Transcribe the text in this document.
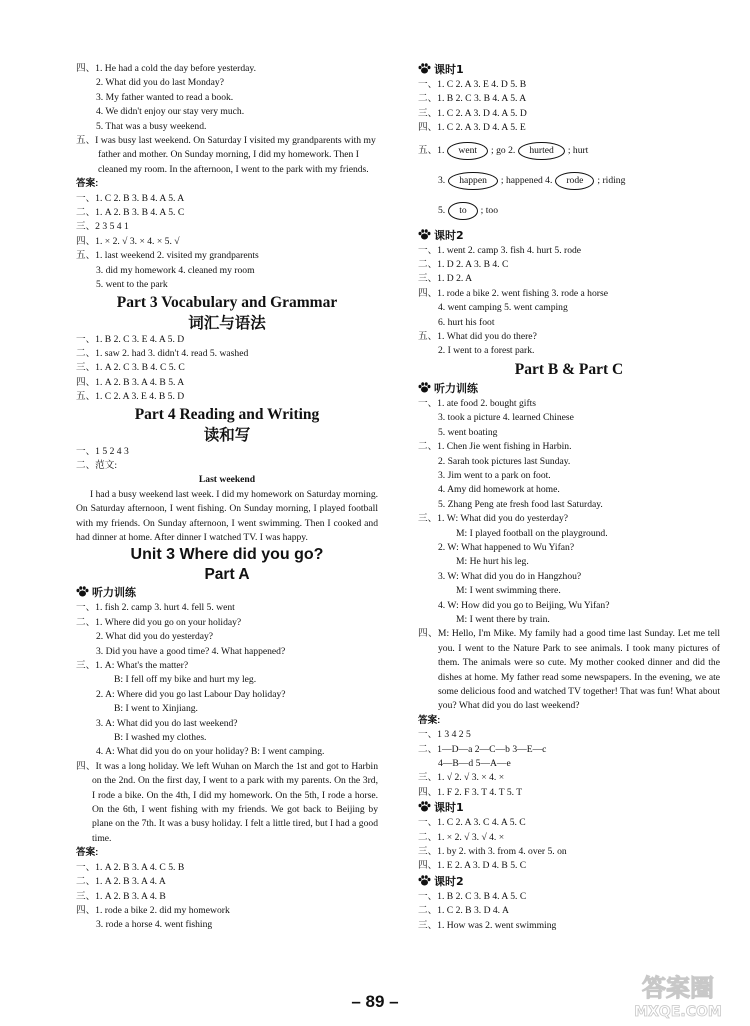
四、1. He had a cold the day before yesterday.
2. What did you do last Monday?
3. My father wanted to read a book.
4. We didn't enjoy our stay very much.
5. That was a busy weekend.
五、I was busy last weekend. On Saturday I visited my grandparents with my father and mother. On Sunday morning, I did my homework. Then I cleaned my room. In the afternoon, I went to the park with my friends.
答案:
一、1. C 2. B 3. B 4. A 5. A
二、1. A 2. B 3. B 4. A 5. C
三、2 3 5 4 1
四、1. × 2. √ 3. × 4. × 5. √
五、1. last weekend 2. visited my grandparents
3. did my homework 4. cleaned my room
5. went to the park
Part 3 Vocabulary and Grammar
词汇与语法
一、1. B 2. C 3. E 4. A 5. D
二、1. saw 2. had 3. didn't 4. read 5. washed
三、1. A 2. C 3. B 4. C 5. C
四、1. A 2. B 3. A 4. B 5. A
五、1. C 2. A 3. E 4. B 5. D
Part 4 Reading and Writing
读和写
一、1 5 2 4 3
二、范文:
Last weekend
I had a busy weekend last week. I did my homework on Saturday morning. On Saturday afternoon, I went fishing. On Sunday morning, I played football with my friends. On Sunday afternoon, I went swimming. Then I cooked and had dinner at home. After dinner I watched TV. I was happy.
Unit 3 Where did you go?
Part A
听力训练
一、1. fish 2. camp 3. hurt 4. fell 5. went
二、1. Where did you go on your holiday?
2. What did you do yesterday?
3. Did you have a good time? 4. What happened?
三、1. A: What's the matter?
B: I fell off my bike and hurt my leg.
2. A: Where did you go last Labour Day holiday?
B: I went to Xinjiang.
3. A: What did you do last weekend?
B: I washed my clothes.
4. A: What did you do on your holiday? B: I went camping.
四、It was a long holiday. We left Wuhan on March the 1st and got to Harbin on the 2nd. On the first day, I went to a park with my parents. On the 3rd, I rode a bike. On the 4th, I did my homework. On the 5th, I rode a horse. On the 6th, I went fishing with my friends. We got back to Beijing by plane on the 7th. It was a busy holiday. I felt a little tired, but I had a good time.
答案:
一、1. A 2. B 3. A 4. C 5. B
二、1. A 2. B 3. A 4. A
三、1. A 2. B 3. A 4. B
四、1. rode a bike 2. did my homework
3. rode a horse 4. went fishing
课时1
一、1. C 2. A 3. E 4. D 5. B
二、1. B 2. C 3. B 4. A 5. A
三、1. C 2. A 3. D 4. A 5. D
四、1. C 2. A 3. D 4. A 5. E
五、1. went ; go 2. hurted ; hurt
3. happen ; happened 4. rode ; riding
5. to ; too
课时2
一、1. went 2. camp 3. fish 4. hurt 5. rode
二、1. D 2. A 3. B 4. C
三、1. D 2. A
四、1. rode a bike 2. went fishing 3. rode a horse
4. went camping 5. went camping
6. hurt his foot
五、1. What did you do there?
2. I went to a forest park.
Part B & Part C
听力训练
一、1. ate food 2. bought gifts
3. took a picture 4. learned Chinese
5. went boating
二、1. Chen Jie went fishing in Harbin.
2. Sarah took pictures last Sunday.
3. Jim went to a park on foot.
4. Amy did homework at home.
5. Zhang Peng ate fresh food last Saturday.
三、1. W: What did you do yesterday?
M: I played football on the playground.
2. W: What happened to Wu Yifan?
M: He hurt his leg.
3. W: What did you do in Hangzhou?
M: I went swimming there.
4. W: How did you go to Beijing, Wu Yifan?
M: I went there by train.
四、M: Hello, I'm Mike. My family had a good time last Sunday. Let me tell you. I went to the Nature Park to see animals. I took many pictures of them. The animals were so cute. My mother cooked dinner and did the dishes at home. My father read some newspapers. In the evening, we ate some delicious food and watched TV together! That was fun! What about you? What did you do last weekend?
答案:
一、1 3 4 2 5
二、1—D—a 2—C—b 3—E—c
4—B—d 5—A—e
三、1. √ 2. √ 3. × 4. ×
四、1. F 2. F 3. T 4. T 5. T
课时1
一、1. C 2. A 3. C 4. A 5. C
二、1. × 2. √ 3. √ 4. ×
三、1. by 2. with 3. from 4. over 5. on
四、1. E 2. A 3. D 4. B 5. C
课时2
一、1. B 2. C 3. B 4. A 5. C
二、1. C 2. B 3. D 4. A
三、1. How was 2. went swimming
– 89 –	答案圈
MXQE.COM
